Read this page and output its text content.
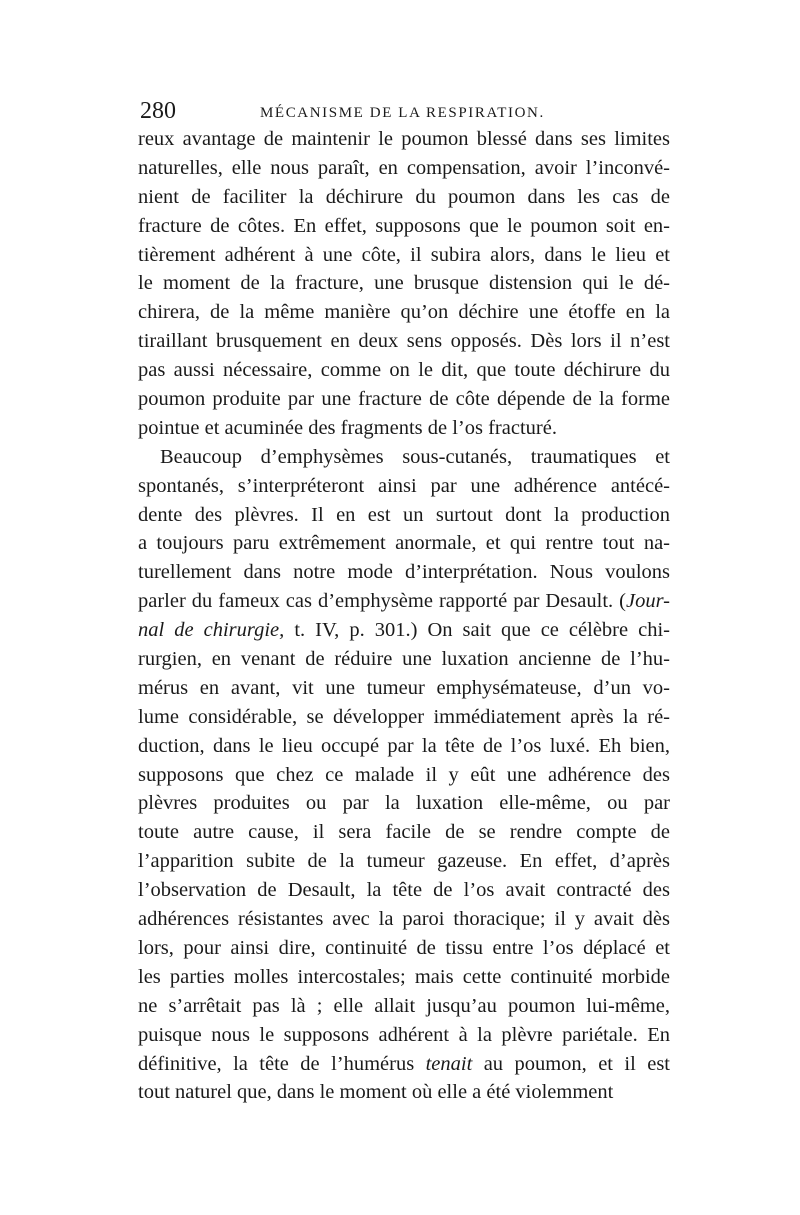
280	MÉCANISME DE LA RESPIRATION.
reux avantage de maintenir le poumon blessé dans ses limites
naturelles, elle nous paraît, en compensation, avoir l’inconvé-
nient de faciliter la déchirure du poumon dans les cas de
fracture de côtes. En effet, supposons que le poumon soit en-
tièrement adhérent à une côte, il subira alors, dans le lieu et
le moment de la fracture, une brusque distension qui le dé-
chirera, de la même manière qu’on déchire une étoffe en la
tiraillant brusquement en deux sens opposés. Dès lors il n’est
pas aussi nécessaire, comme on le dit, que toute déchirure du
poumon produite par une fracture de côte dépende de la forme
pointue et acuminée des fragments de l’os fracturé.
Beaucoup d’emphysèmes sous-cutanés, traumatiques et
spontanés, s’interpréteront ainsi par une adhérence antécé-
dente des plèvres. Il en est un surtout dont la production
a toujours paru extrêmement anormale, et qui rentre tout na-
turellement dans notre mode d’interprétation. Nous voulons
parler du fameux cas d’emphysème rapporté par Desault. (Jour-
nal de chirurgie, t. IV, p. 301.) On sait que ce célèbre chi-
rurgien, en venant de réduire une luxation ancienne de l’hu-
mérus en avant, vit une tumeur emphysémateuse, d’un vo-
lume considérable, se développer immédiatement après la ré-
duction, dans le lieu occupé par la tête de l’os luxé. Eh bien,
supposons que chez ce malade il y eût une adhérence des
plèvres produites ou par la luxation elle-même, ou par
toute autre cause, il sera facile de se rendre compte de
l’apparition subite de la tumeur gazeuse. En effet, d’après
l’observation de Desault, la tête de l’os avait contracté des
adhérences résistantes avec la paroi thoracique; il y avait dès
lors, pour ainsi dire, continuité de tissu entre l’os déplacé et
les parties molles intercostales; mais cette continuité morbide
ne s’arrêtait pas là ; elle allait jusqu’au poumon lui-même,
puisque nous le supposons adhérent à la plèvre pariétale. En
définitive, la tête de l’humérus tenait au poumon, et il est
tout naturel que, dans le moment où elle a été violemment
